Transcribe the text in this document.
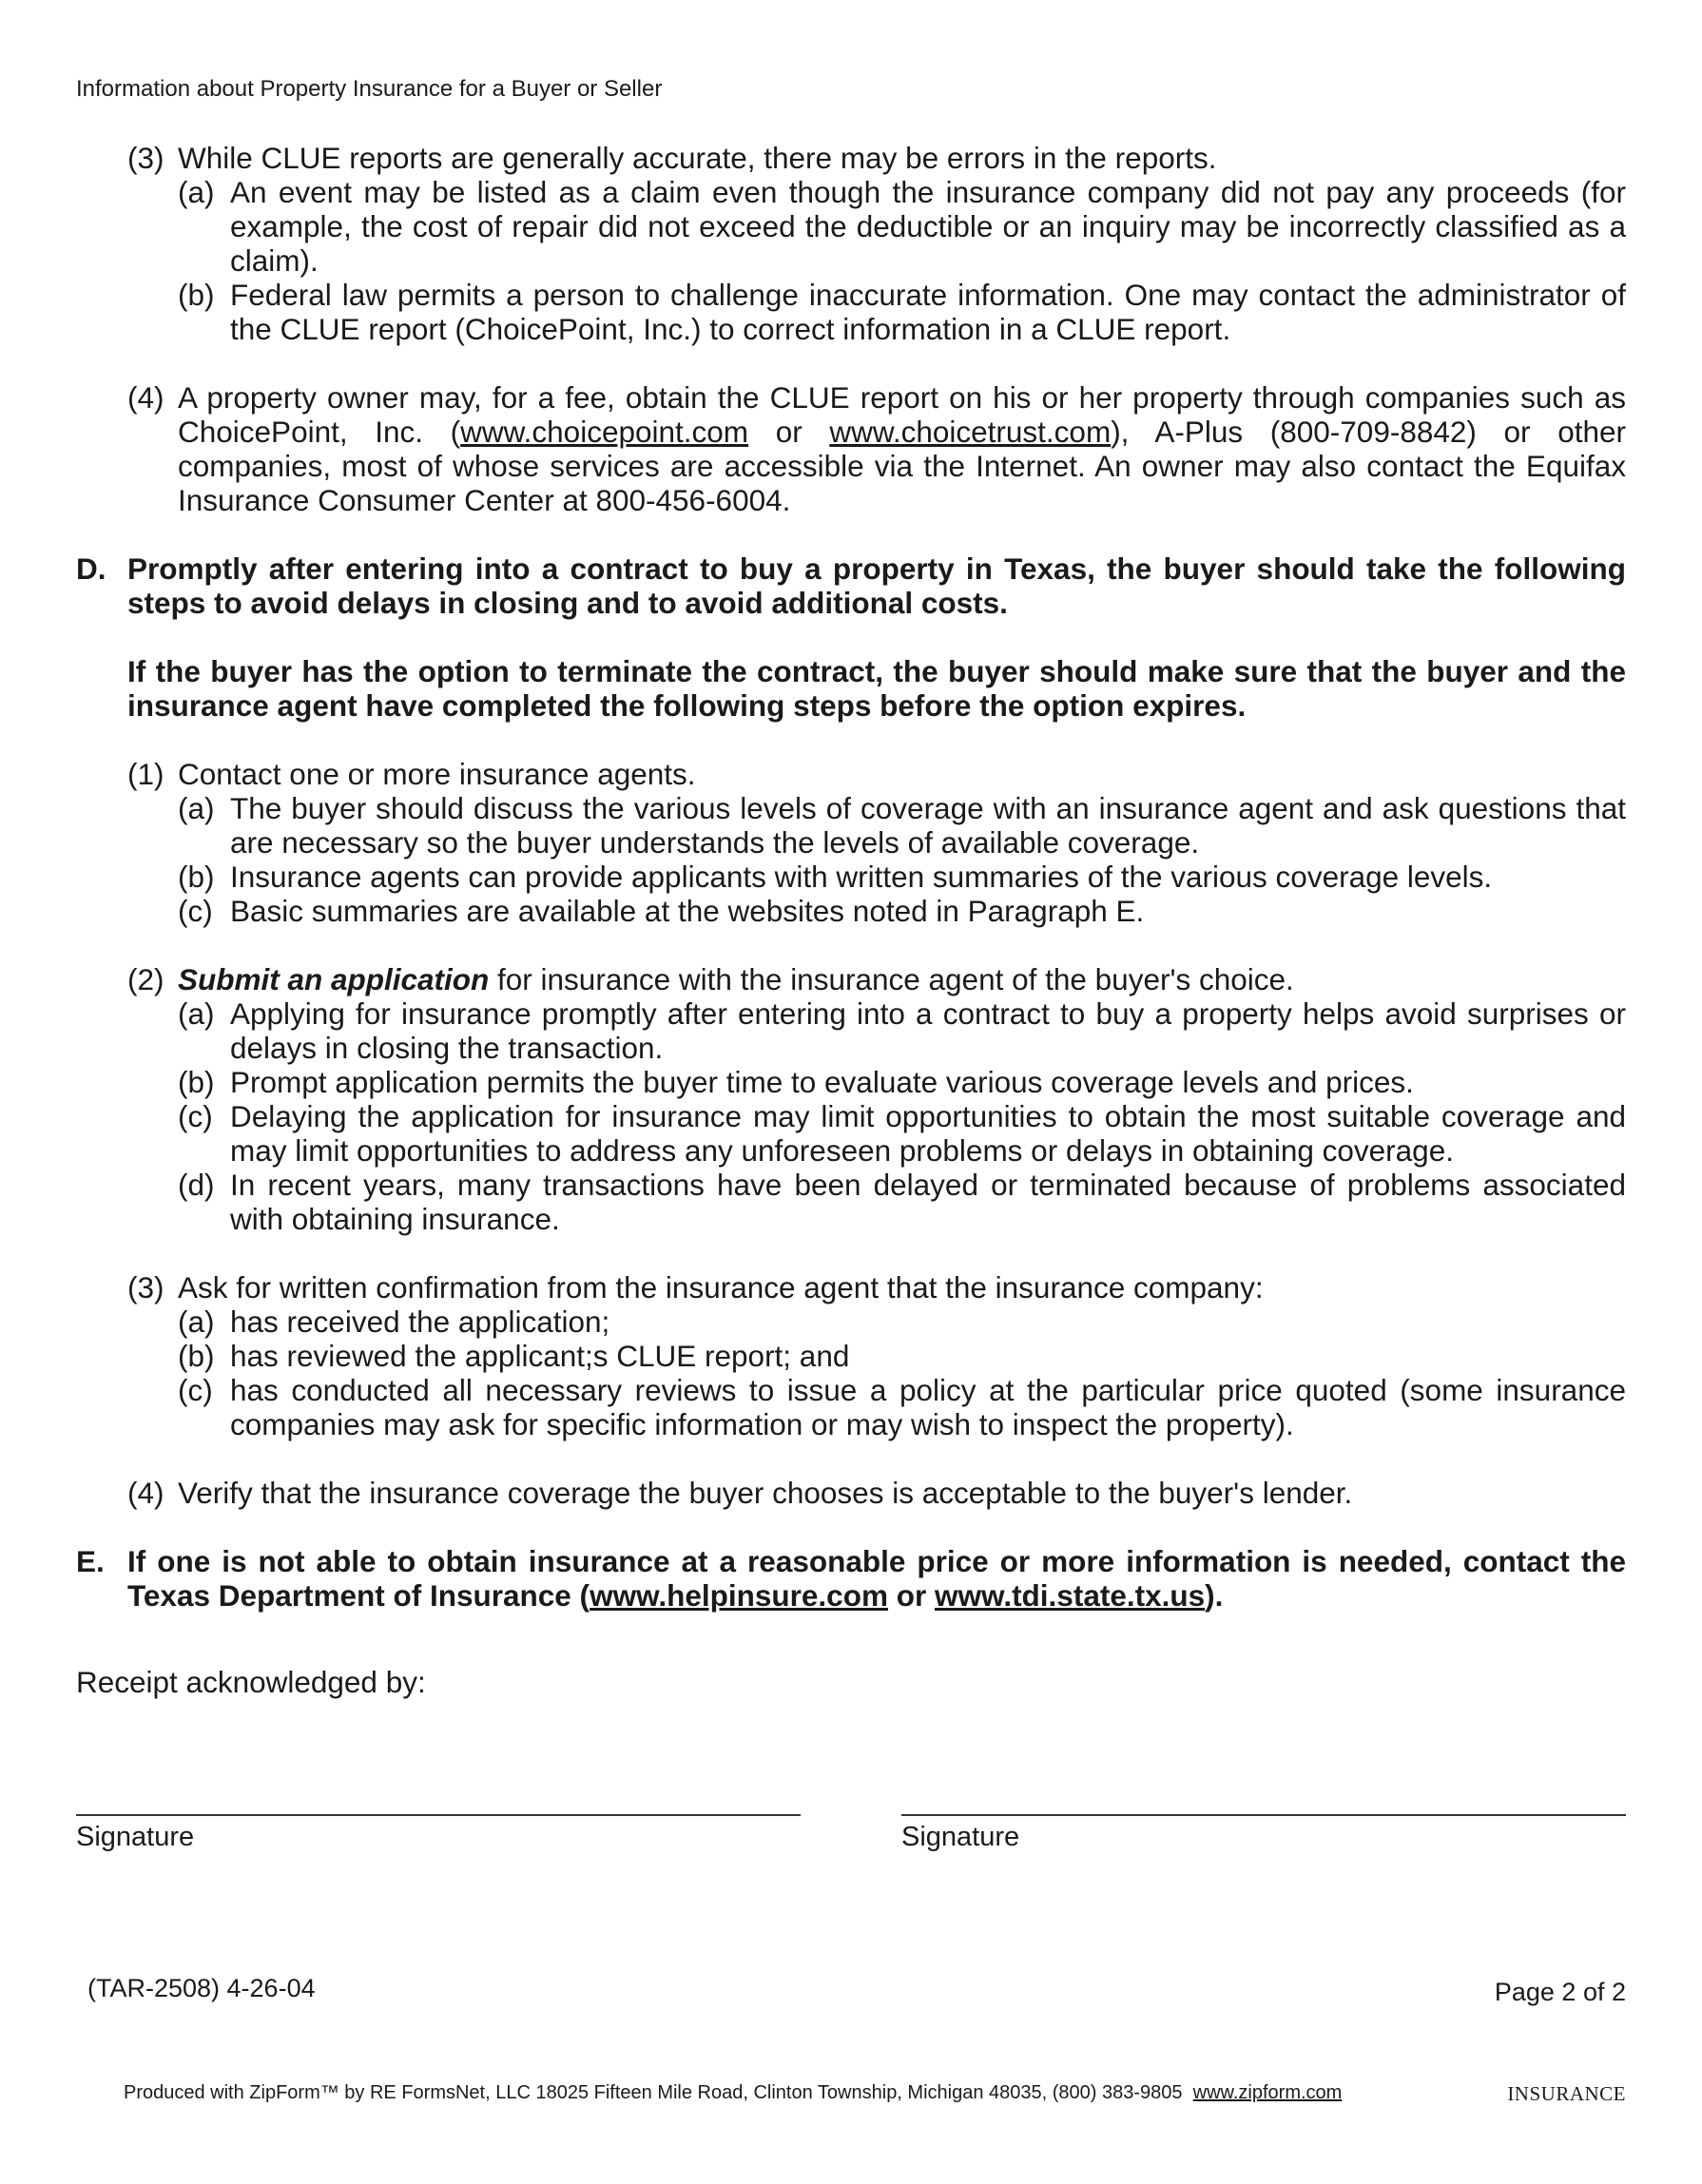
Information about Property Insurance for a Buyer or Seller
(3) While CLUE reports are generally accurate, there may be errors in the reports.
(a) An event may be listed as a claim even though the insurance company did not pay any proceeds (for example, the cost of repair did not exceed the deductible or an inquiry may be incorrectly classified as a claim).
(b) Federal law permits a person to challenge inaccurate information. One may contact the administrator of the CLUE report (ChoicePoint, Inc.) to correct information in a CLUE report.
(4) A property owner may, for a fee, obtain the CLUE report on his or her property through companies such as ChoicePoint, Inc. (www.choicepoint.com or www.choicetrust.com), A-Plus (800-709-8842) or other companies, most of whose services are accessible via the Internet. An owner may also contact the Equifax Insurance Consumer Center at 800-456-6004.
D. Promptly after entering into a contract to buy a property in Texas, the buyer should take the following steps to avoid delays in closing and to avoid additional costs.
If the buyer has the option to terminate the contract, the buyer should make sure that the buyer and the insurance agent have completed the following steps before the option expires.
(1) Contact one or more insurance agents.
(a) The buyer should discuss the various levels of coverage with an insurance agent and ask questions that are necessary so the buyer understands the levels of available coverage.
(b) Insurance agents can provide applicants with written summaries of the various coverage levels.
(c) Basic summaries are available at the websites noted in Paragraph E.
(2) Submit an application for insurance with the insurance agent of the buyer's choice.
(a) Applying for insurance promptly after entering into a contract to buy a property helps avoid surprises or delays in closing the transaction.
(b) Prompt application permits the buyer time to evaluate various coverage levels and prices.
(c) Delaying the application for insurance may limit opportunities to obtain the most suitable coverage and may limit opportunities to address any unforeseen problems or delays in obtaining coverage.
(d) In recent years, many transactions have been delayed or terminated because of problems associated with obtaining insurance.
(3) Ask for written confirmation from the insurance agent that the insurance company:
(a) has received the application;
(b) has reviewed the applicant;s CLUE report; and
(c) has conducted all necessary reviews to issue a policy at the particular price quoted (some insurance companies may ask for specific information or may wish to inspect the property).
(4) Verify that the insurance coverage the buyer chooses is acceptable to the buyer's lender.
E. If one is not able to obtain insurance at a reasonable price or more information is needed, contact the Texas Department of Insurance (www.helpinsure.com or www.tdi.state.tx.us).
Receipt acknowledged by:
Signature	Signature
(TAR-2508) 4-26-04	Page 2 of 2
Produced with ZipForm™ by RE FormsNet, LLC 18025 Fifteen Mile Road, Clinton Township, Michigan 48035, (800) 383-9805 www.zipform.com	INSURANCE
